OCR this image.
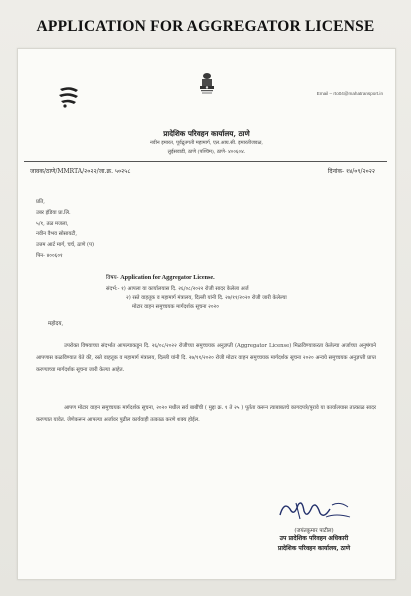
APPLICATION FOR AGGREGATOR LICENSE
Email – rto04@mahatransport.in
प्रादेशिक परिवहन कार्यालय, ठाणे
नवीन इमारत, पूर्वद्रुतगती महामार्ग, एल.आय.सी. इमारतीजवळ,
लुईसवाडी, ठाणे (पश्चिम), ठाणे- ४००६०४.
जावक/ठाणे/MMRTA/२०२२/जा.क्र. ५०२५८	दिनांक- १४/०९/२०२२
प्रति,
उबर इंडिया प्रा.लि.
५/१, तळ मजला,
नवीन वैभव सोसायटी,
उत्तम आर्ट मार्ग, चर्च, ठाणे (प)
पिन- ४००६०१
विषय- Application for Aggregator License.
संदर्भ:- १) आपला या कार्यालयास दि. २६/०८/२०२२ रोजी सादर केलेला अर्ज
२) रस्ते वाहतूक व महामार्ग मंत्रालय, दिल्ली यांनी दि. २७/११/२०२० रोजी जारी केलेल्या
मोटार वाहन समुच्चयक मार्गदर्शक सूचना २०२०
महोदय,
उपरोक्त विषयाच्या संदर्भात आपल्याकडून दि. २६/०८/२०२२ रोजीच्या समुच्चयक अनुज्ञप्ती (Aggregator License) मिळविण्याकरता केलेल्या अर्जाच्या अनुषंगाने आपणास कळविण्यात येते की, रस्ते वाहतूक व महामार्ग मंत्रालय, दिल्ली यांनी दि. २७/११/२०२० रोजी मोटार वाहन समुच्चयक मार्गदर्शक सूचना २०२० अन्वये समुच्चयक अनुज्ञप्ती प्राप्त करण्याच्या मार्गदर्शक सूचना जारी केल्या आहेत.
आपण मोटार वाहन समुच्चयक मार्गदर्शक सूचना, २०२० मधील सर्व बाबींची ( मुद्दा क्र. १ ते २५ ) पूर्तता करून त्याबाबतचे कागदपत्रे/पुरावे या कार्यालयास तात्काळ सादर करण्यात यावेत. जेणेकरून आपल्या अर्जावर पुढील कार्यवाही तत्काळ करणे शक्य होईल.
(जयंतकुमार पाटील)
उप प्रादेशिक परिवहन अधिकारी
प्रादेशिक परिवहन कार्यालय, ठाणे
